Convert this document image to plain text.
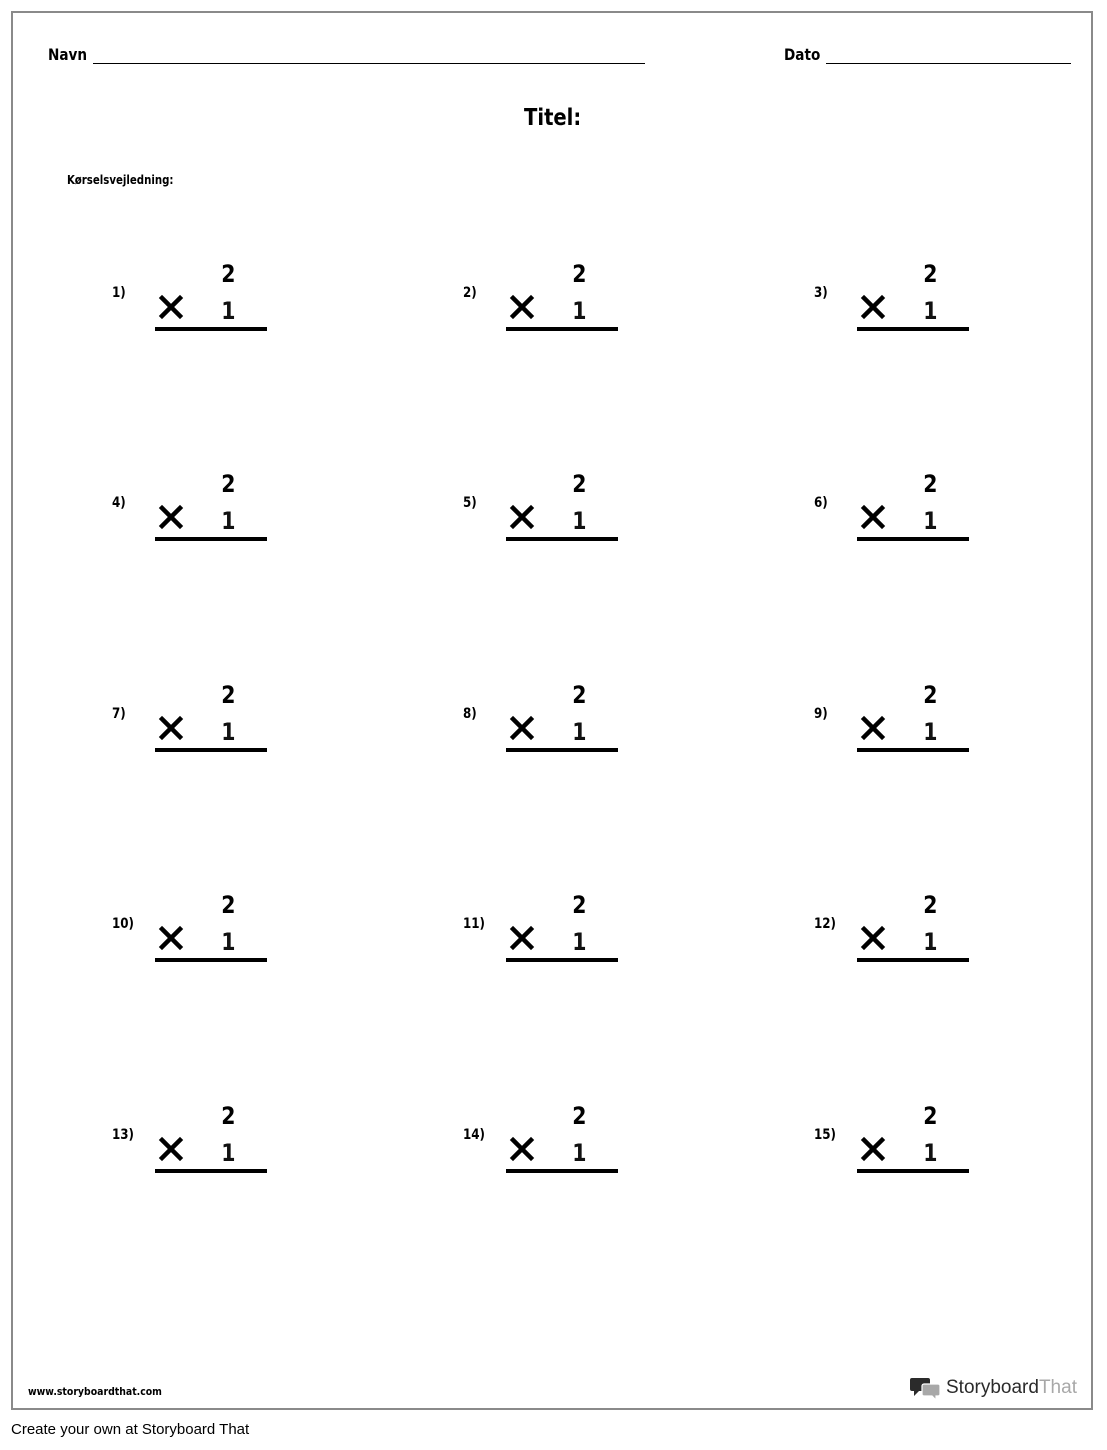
Navn	Dato
Titel:
Kørselsvejledning:
1)
2
1
2)
2
1
3)
2
1
4)
2
1
5)
2
1
6)
2
1
7)
2
1
8)
2
1
9)
2
1
10)
2
1
11)
2
1
12)
2
1
13)
2
1
14)
2
1
15)
2
1
www.storyboardthat.com	Storyboard That
Create your own at Storyboard That
